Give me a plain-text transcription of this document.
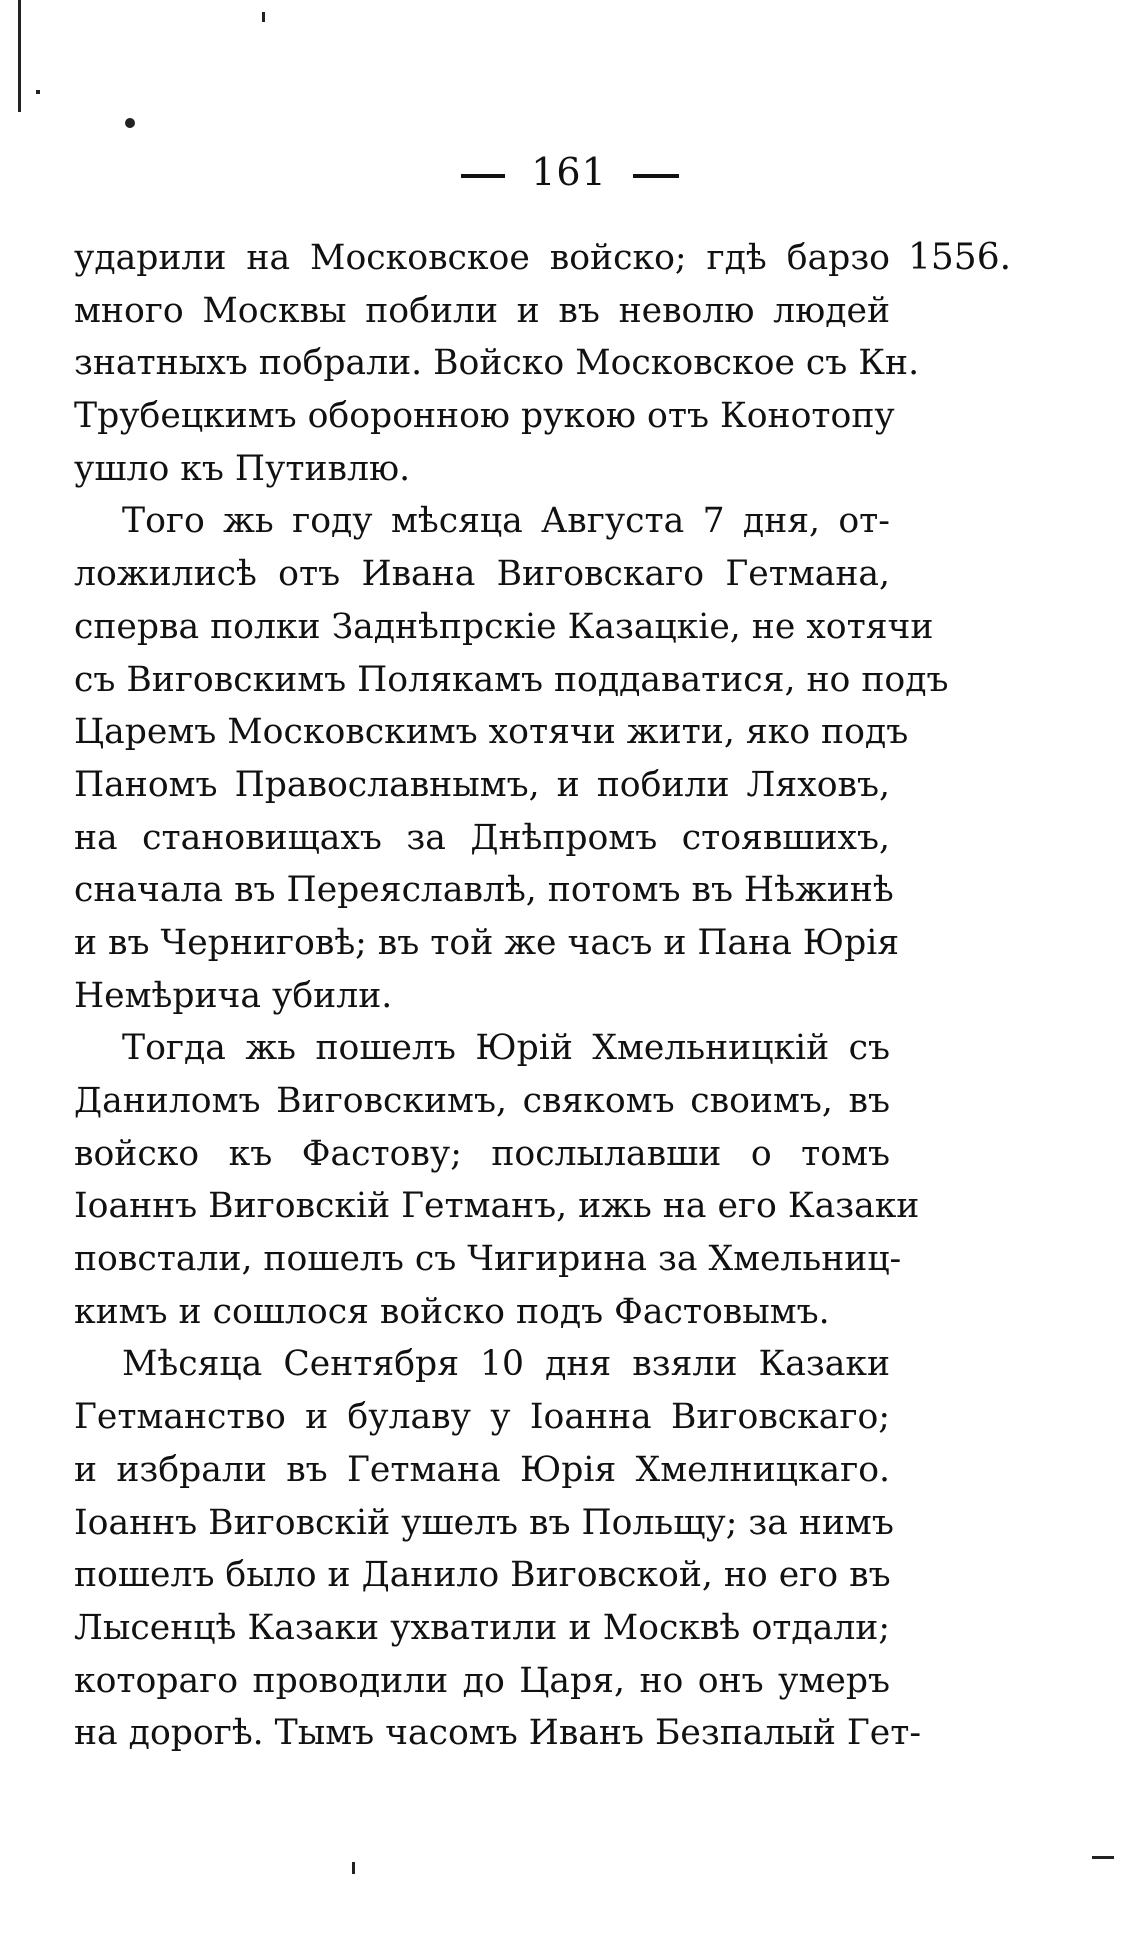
161
1556.
ударили на Московское войско; гдѣ барзо
много Москвы побили и въ неволю людей
знатныхъ побрали. Войско Московское съ Кн.
Трубецкимъ оборонною рукою отъ Конотопу
ушло къ Путивлю.
Того жь году мѣсяца Августа 7 дня, от-
ложилисѣ отъ Ивана Виговскаго Гетмана,
сперва полки Заднѣпрскіе Казацкіе, не хотячи
съ Виговскимъ Полякамъ поддаватися, но подъ
Царемъ Московскимъ хотячи жити, яко подъ
Паномъ Православнымъ, и побили Ляховъ,
на становищахъ за Днѣпромъ стоявшихъ,
сначала въ Переяславлѣ, потомъ въ Нѣжинѣ
и въ Черниговѣ; въ той же часъ и Пана Юрія
Немѣрича убили.
Тогда жь пошелъ Юрій Хмельницкій съ
Даниломъ Виговскимъ, свякомъ своимъ, въ
войско къ Фастову; послылавши о томъ
Іоаннъ Виговскій Гетманъ, ижь на его Казаки
повстали, пошелъ съ Чигирина за Хмельниц-
кимъ и сошлося войско подъ Фастовымъ.
Мѣсяца Сентября 10 дня взяли Казаки
Гетманство и булаву у Іоанна Виговскаго;
и избрали въ Гетмана Юрія Хмелницкаго.
Іоаннъ Виговскій ушелъ въ Польщу; за нимъ
пошелъ было и Данило Виговской, но его въ
Лысенцѣ Казаки ухватили и Москвѣ отдали;
котораго проводили до Царя, но онъ умеръ
на дорогѣ. Тымъ часомъ Иванъ Безпалый Гет-
